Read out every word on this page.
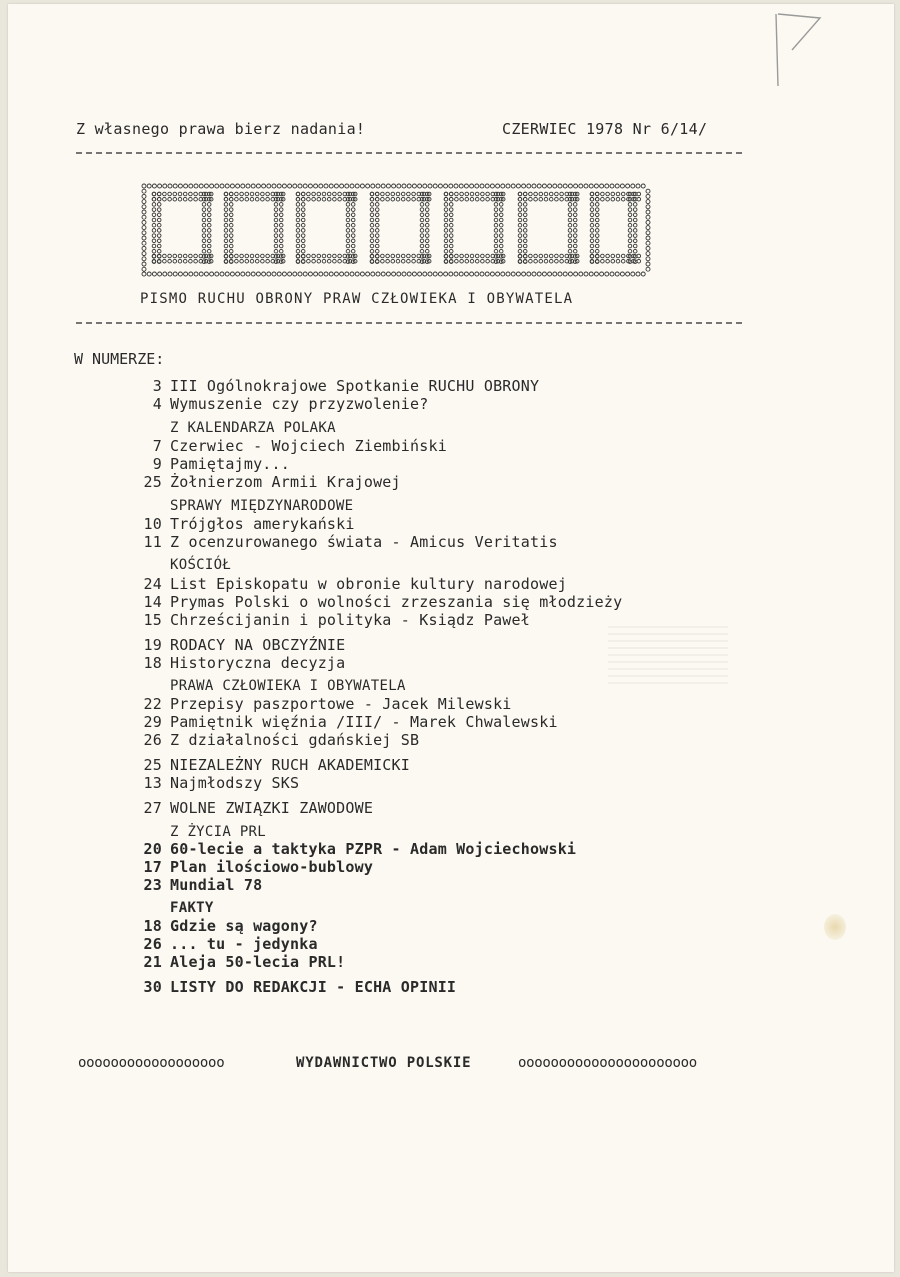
Z własnego prawa bierz nadania!	CZERWIEC 1978 Nr 6/14/
PISMO RUCHU OBRONY PRAW CZŁOWIEKA I OBYWATELA
W NUMERZE:
3 III Ogólnokrajowe Spotkanie RUCHU OBRONY
4 Wymuszenie czy przyzwolenie?
Z KALENDARZA POLAKA
7 Czerwiec - Wojciech Ziembiński
9 Pamiętajmy...
25 Żołnierzom Armii Krajowej
SPRAWY MIĘDZYNARODOWE
10 Trójgłos amerykański
11 Z ocenzurowanego świata - Amicus Veritatis
KOŚCIÓŁ
24 List Episkopatu w obronie kultury narodowej
14 Prymas Polski o wolności zrzeszania się młodzieży
15 Chrześcijanin i polityka - Ksiądz Paweł
19 RODACY NA OBCZYŹNIE
18 Historyczna decyzja
PRAWA CZŁOWIEKA I OBYWATELA
22 Przepisy paszportowe - Jacek Milewski
29 Pamiętnik więźnia /III/ - Marek Chwalewski
26 Z działalności gdańskiej SB
25 NIEZALEŻNY RUCH AKADEMICKI
13 Najmłodszy SKS
27 WOLNE ZWIĄZKI ZAWODOWE
Z ŻYCIA PRL
20 60-lecie a taktyka PZPR - Adam Wojciechowski
17 Plan ilościowo-bublowy
23 Mundial 78
FAKTY
18 Gdzie są wagony?
26 ... tu - jedynka
21 Aleja 50-lecia PRL!
30 LISTY DO REDAKCJI - ECHA OPINII
oooooooooooooooooo	WYDAWNICTWO POLSKIE	oooooooooooooooooooooo
